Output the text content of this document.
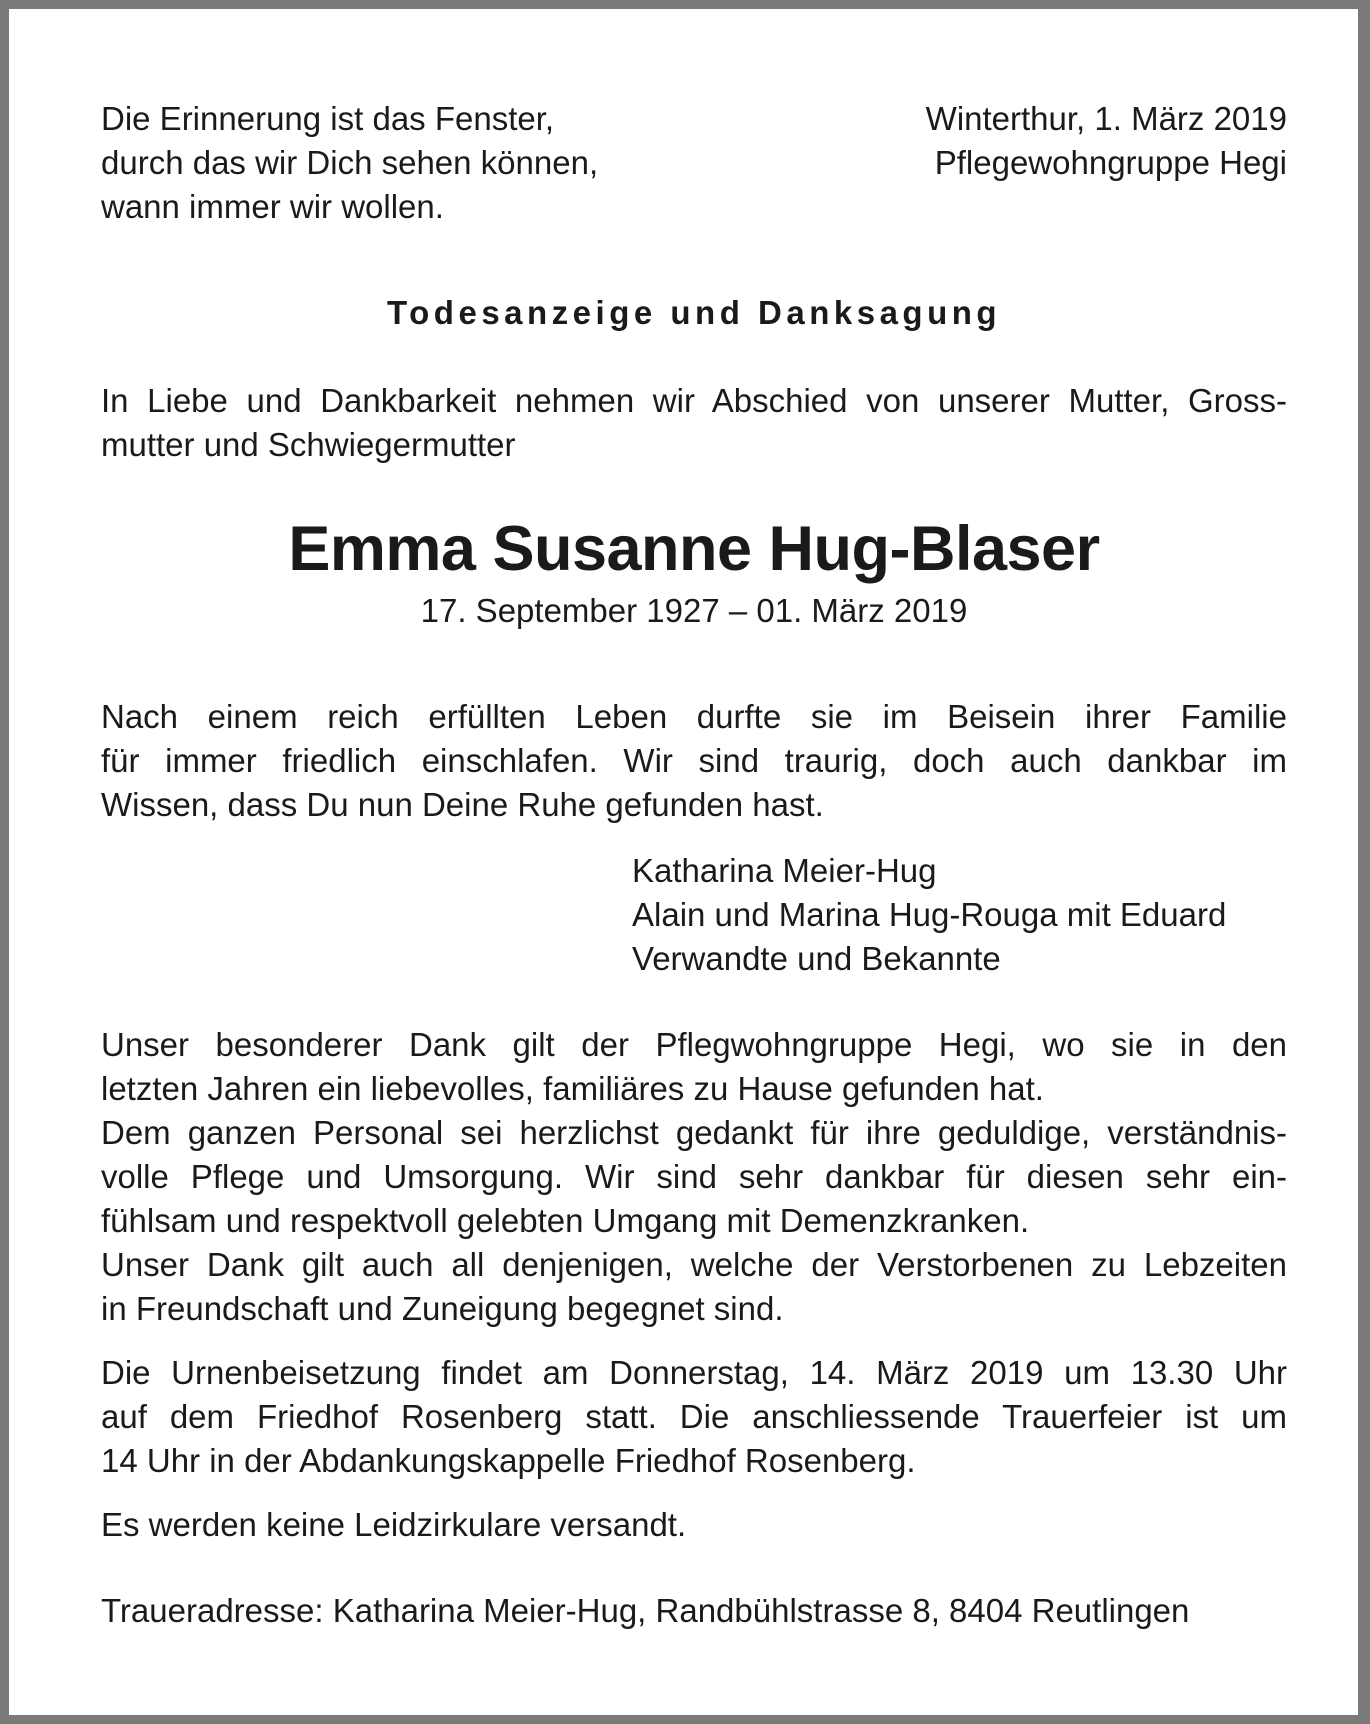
Die Erinnerung ist das Fenster,
durch das wir Dich sehen können,
wann immer wir wollen.
Winterthur, 1. März 2019
Pflegewohngruppe Hegi
Todesanzeige und Danksagung
In Liebe und Dankbarkeit nehmen wir Abschied von unserer Mutter, Gross-
mutter und Schwiegermutter
Emma Susanne Hug-Blaser
17. September 1927 – 01. März 2019
Nach einem reich erfüllten Leben durfte sie im Beisein ihrer Familie
für immer friedlich einschlafen. Wir sind traurig, doch auch dankbar im
Wissen, dass Du nun Deine Ruhe gefunden hast.
Katharina Meier-Hug
Alain und Marina Hug-Rouga mit Eduard
Verwandte und Bekannte
Unser besonderer Dank gilt der Pflegwohngruppe Hegi, wo sie in den
letzten Jahren ein liebevolles, familiäres zu Hause gefunden hat.
Dem ganzen Personal sei herzlichst gedankt für ihre geduldige, verständnis-
volle Pflege und Umsorgung. Wir sind sehr dankbar für diesen sehr ein-
fühlsam und respektvoll gelebten Umgang mit Demenzkranken.
Unser Dank gilt auch all denjenigen, welche der Verstorbenen zu Lebzeiten
in Freundschaft und Zuneigung begegnet sind.
Die Urnenbeisetzung findet am Donnerstag, 14. März 2019 um 13.30 Uhr
auf dem Friedhof Rosenberg statt. Die anschliessende Trauerfeier ist um
14 Uhr in der Abdankungskappelle Friedhof Rosenberg.
Es werden keine Leidzirkulare versandt.
Traueradresse: Katharina Meier-Hug, Randbühlstrasse 8, 8404 Reutlingen
